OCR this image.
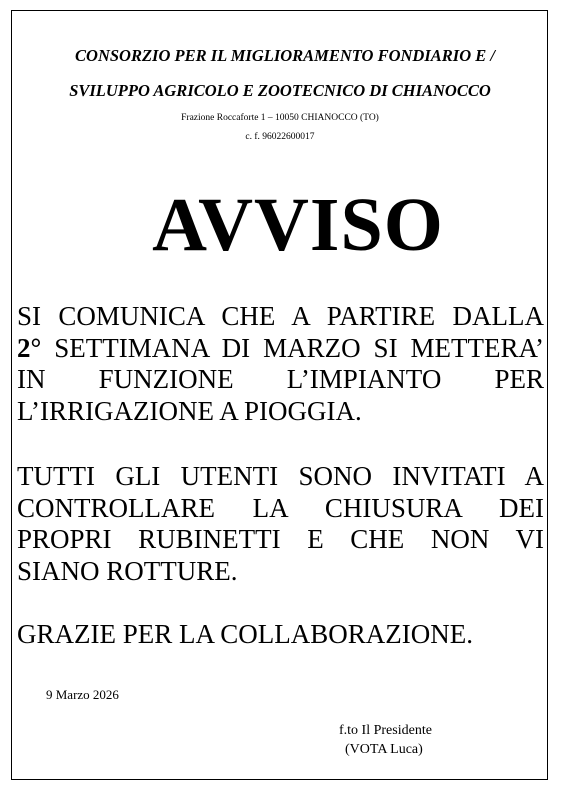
CONSORZIO PER IL MIGLIORAMENTO FONDIARIO E /
SVILUPPO AGRICOLO E ZOOTECNICO DI CHIANOCCO
Frazione Roccaforte 1 – 10050 CHIANOCCO (TO)
c. f. 96022600017
AVVISO
SI COMUNICA CHE A PARTIRE DALLA
2° SETTIMANA DI MARZO SI METTERA’
IN FUNZIONE L’IMPIANTO PER
L’IRRIGAZIONE A PIOGGIA.
TUTTI GLI UTENTI SONO INVITATI A
CONTROLLARE LA CHIUSURA DEI
PROPRI RUBINETTI E CHE NON VI
SIANO ROTTURE.
GRAZIE PER LA COLLABORAZIONE.
9 Marzo 2026
f.to Il Presidente
(VOTA Luca)
